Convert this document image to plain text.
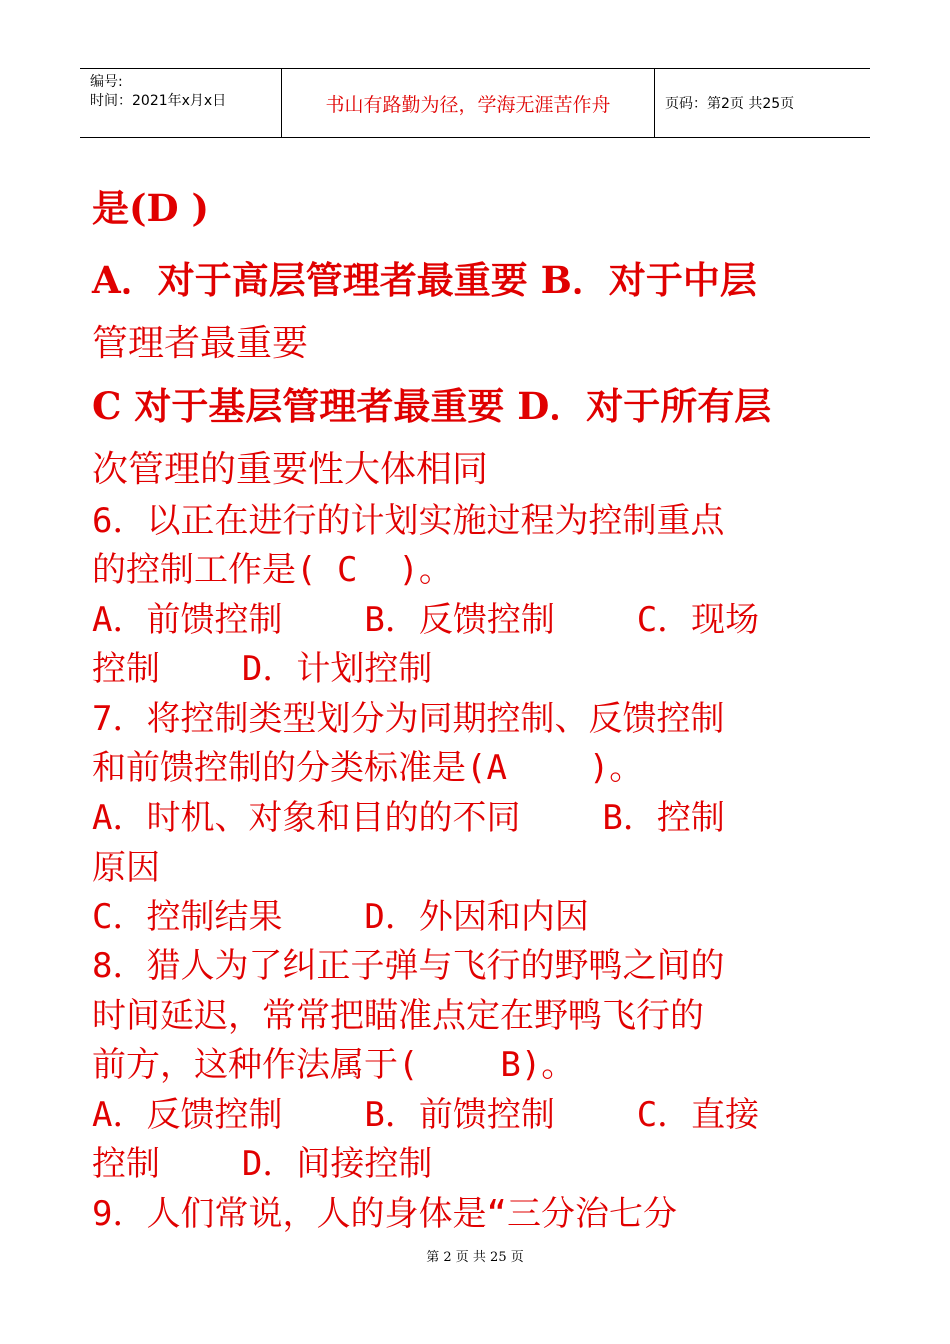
编号:
时间：2021年x月x日	书山有路勤为径，学海无涯苦作舟	页码：第2页 共25页
是(D )
A．对于高层管理者最重要 B．对于中层
管理者最重要
C 对于基层管理者最重要 D．对于所有层
次管理的重要性大体相同
6．以正在进行的计划实施过程为控制重点
的控制工作是( C  )。
A．前馈控制    B．反馈控制    C．现场
控制    D．计划控制
7．将控制类型划分为同期控制、反馈控制
和前馈控制的分类标准是(A    )。
A．时机、对象和目的的不同    B．控制
原因
C．控制结果    D．外因和内因
8．猎人为了纠正子弹与飞行的野鸭之间的
时间延迟，常常把瞄准点定在野鸭飞行的
前方，这种作法属于(    B)。
A．反馈控制    B．前馈控制    C．直接
控制    D．间接控制
9．人们常说，人的身体是“三分治七分
第 2 页 共 25 页
